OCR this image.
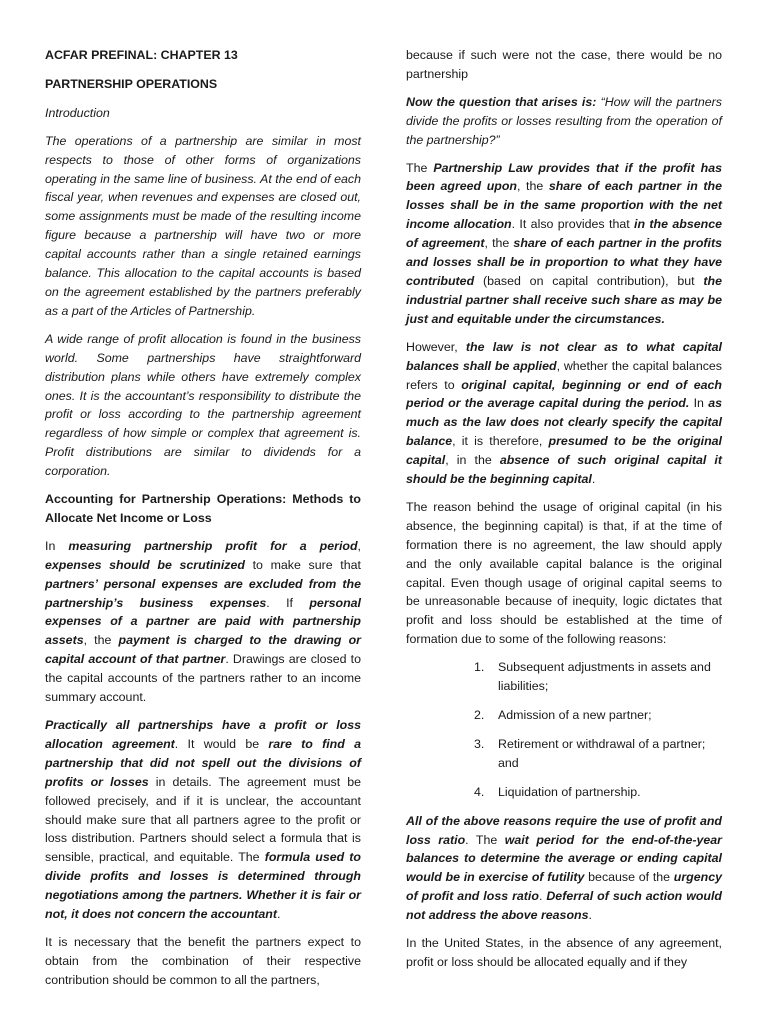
ACFAR PREFINAL: CHAPTER 13

PARTNERSHIP OPERATIONS

Introduction

The operations of a partnership are similar in most respects to those of other forms of organizations operating in the same line of business. At the end of each fiscal year, when revenues and expenses are closed out, some assignments must be made of the resulting income figure because a partnership will have two or more capital accounts rather than a single retained earnings balance. This allocation to the capital accounts is based on the agreement established by the partners preferably as a part of the Articles of Partnership.

A wide range of profit allocation is found in the business world. Some partnerships have straightforward distribution plans while others have extremely complex ones. It is the accountant’s responsibility to distribute the profit or loss according to the partnership agreement regardless of how simple or complex that agreement is. Profit distributions are similar to dividends for a corporation.

Accounting for Partnership Operations: Methods to Allocate Net Income or Loss

In measuring partnership profit for a period, expenses should be scrutinized to make sure that partners’ personal expenses are excluded from the partnership’s business expenses. If personal expenses of a partner are paid with partnership assets, the payment is charged to the drawing or capital account of that partner. Drawings are closed to the capital accounts of the partners rather to an income summary account.

Practically all partnerships have a profit or loss allocation agreement. It would be rare to find a partnership that did not spell out the divisions of profits or losses in details. The agreement must be followed precisely, and if it is unclear, the accountant should make sure that all partners agree to the profit or loss distribution. Partners should select a formula that is sensible, practical, and equitable. The formula used to divide profits and losses is determined through negotiations among the partners. Whether it is fair or not, it does not concern the accountant.

It is necessary that the benefit the partners expect to obtain from the combination of their respective contribution should be common to all the partners,

because if such were not the case, there would be no partnership

Now the question that arises is: “How will the partners divide the profits or losses resulting from the operation of the partnership?”

The Partnership Law provides that if the profit has been agreed upon, the share of each partner in the losses shall be in the same proportion with the net income allocation. It also provides that in the absence of agreement, the share of each partner in the profits and losses shall be in proportion to what they have contributed (based on capital contribution), but the industrial partner shall receive such share as may be just and equitable under the circumstances.

However, the law is not clear as to what capital balances shall be applied, whether the capital balances refers to original capital, beginning or end of each period or the average capital during the period. In as much as the law does not clearly specify the capital balance, it is therefore, presumed to be the original capital, in the absence of such original capital it should be the beginning capital.

The reason behind the usage of original capital (in his absence, the beginning capital) is that, if at the time of formation there is no agreement, the law should apply and the only available capital balance is the original capital. Even though usage of original capital seems to be unreasonable because of inequity, logic dictates that profit and loss should be established at the time of formation due to some of the following reasons:

1. Subsequent adjustments in assets and liabilities;
2. Admission of a new partner;
3. Retirement or withdrawal of a partner; and
4. Liquidation of partnership.

All of the above reasons require the use of profit and loss ratio. The wait period for the end-of-the-year balances to determine the average or ending capital would be in exercise of futility because of the urgency of profit and loss ratio. Deferral of such action would not address the above reasons.

In the United States, in the absence of any agreement, profit or loss should be allocated equally and if they
